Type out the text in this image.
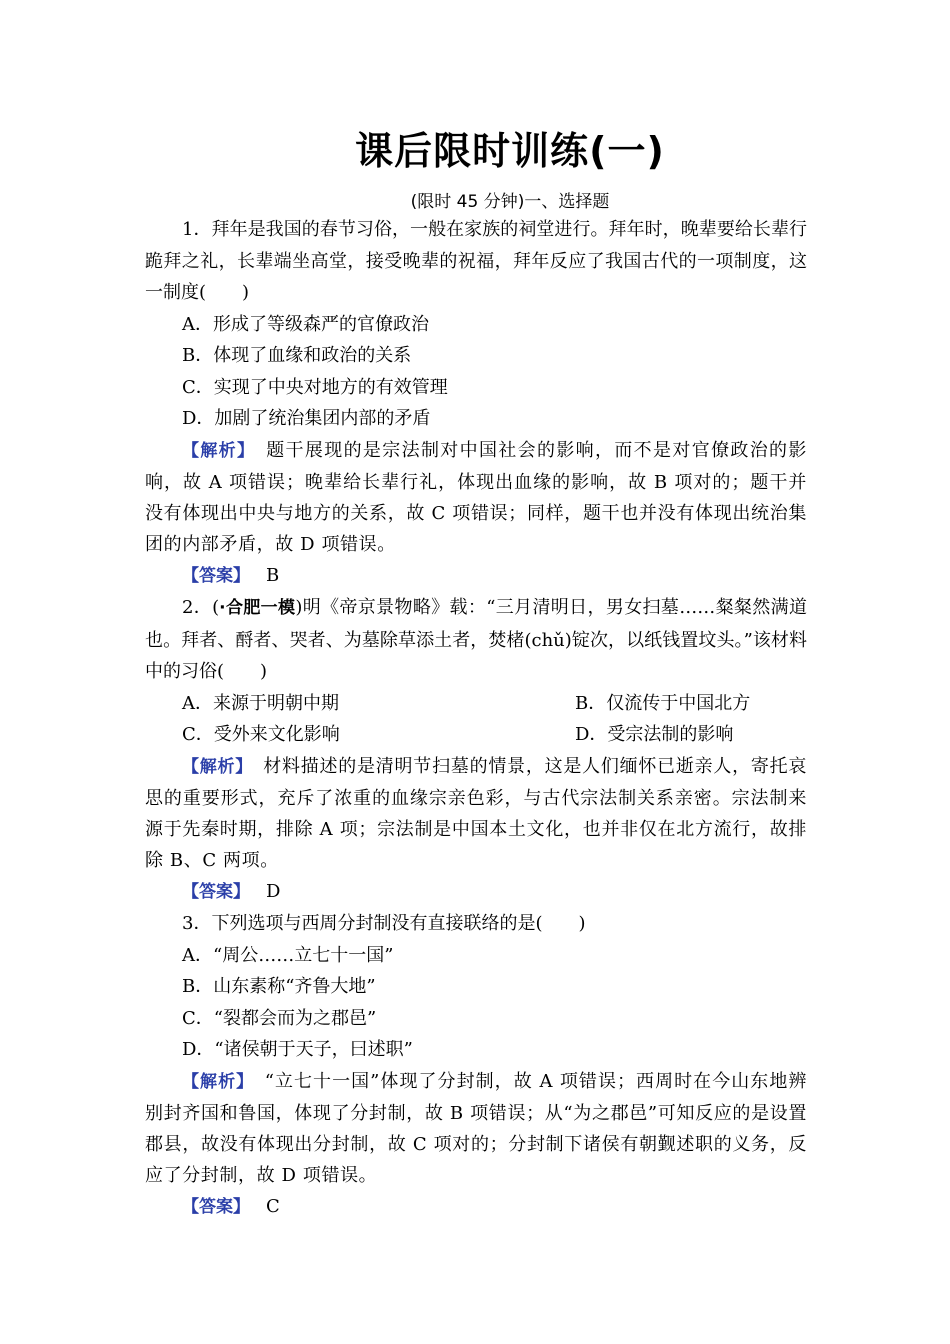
课后限时训练(一)
(限时 45 分钟)一、选择题

1．拜年是我国的春节习俗，一般在家族的祠堂进行。拜年时，晚辈要给长辈行跪拜之礼，长辈端坐高堂，接受晚辈的祝福，拜年反应了我国古代的一项制度，这一制度(　　)

A．形成了等级森严的官僚政治

B．体现了血缘和政治的关系

C．实现了中央对地方的有效管理

D．加剧了统治集团内部的矛盾

【解析】　 题干展现的是宗法制对中国社会的影响，而不是对官僚政治的影响，故 A 项错误；晚辈给长辈行礼，体现出血缘的影响，故 B 项对的；题干并没有体现出中央与地方的关系，故 C 项错误；同样，题干也并没有体现出统治集团的内部矛盾，故 D 项错误。

【答案】 B

2．(·合肥一模)明《帝京景物略》载：“三月清明日，男女扫墓……粲粲然满道也。拜者、酹者、哭者、为墓除草添土者，焚楮(chǔ)锭次，以纸钱置坟头。”该材料中的习俗(　　)

A．来源于明朝中期	B．仅流传于中国北方
C．受外来文化影响	D．受宗法制的影响

【解析】　 材料描述的是清明节扫墓的情景，这是人们缅怀已逝亲人，寄托哀思的重要形式，充斥了浓重的血缘宗亲色彩，与古代宗法制关系亲密。宗法制来源于先秦时期，排除 A 项；宗法制是中国本土文化，也并非仅在北方流行，故排除 B、C 两项。

【答案】 D

3．下列选项与西周分封制没有直接联络的是(　　)

A．“周公……立七十一国”

B．山东素称“齐鲁大地”

C．“裂都会而为之郡邑”

D．“诸侯朝于天子，曰述职”

【解析】　 “立七十一国”体现了分封制，故 A 项错误；西周时在今山东地辨别封齐国和鲁国，体现了分封制，故 B 项错误；从“为之郡邑”可知反应的是设置郡县，故没有体现出分封制，故 C 项对的；分封制下诸侯有朝觐述职的义务，反应了分封制，故 D 项错误。

【答案】 C
